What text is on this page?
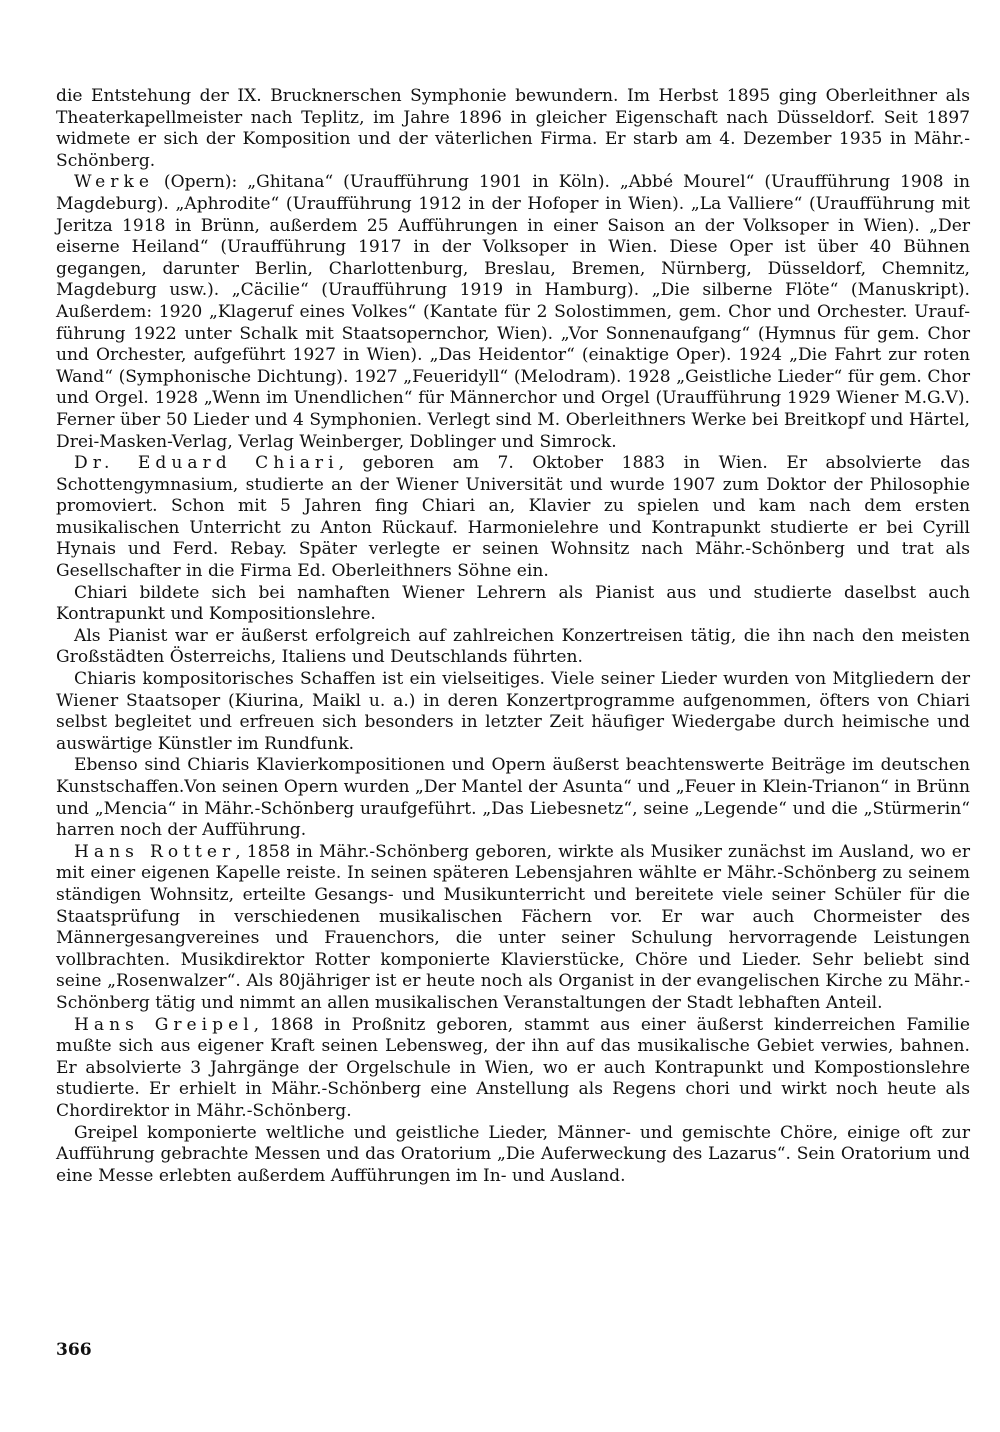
die Entstehung der IX. Brucknerschen Symphonie bewundern. Im Herbst 1895 ging Oberleithner als Theaterkapellmeister nach Teplitz, im Jahre 1896 in gleicher Eigenschaft nach Düsseldorf. Seit 1897 widmete er sich der Komposition und der väterlichen Firma. Er starb am 4. Dezember 1935 in Mähr.-Schönberg.

Werke (Opern): „Ghitana“ (Uraufführung 1901 in Köln). „Abbé Mourel“ (Uraufführung 1908 in Magdeburg). „Aphrodite“ (Uraufführung 1912 in der Hofoper in Wien). „La Valliere“ (Uraufführung mit Jeritza 1918 in Brünn, außerdem 25 Aufführungen in einer Saison an der Volksoper in Wien). „Der eiserne Heiland“ (Uraufführung 1917 in der Volksoper in Wien. Diese Oper ist über 40 Bühnen gegangen, darunter Berlin, Charlottenburg, Breslau, Bremen, Nürnberg, Düsseldorf, Chemnitz, Magdeburg usw.). „Cäcilie“ (Uraufführung 1919 in Hamburg). „Die silberne Flöte“ (Manuskript). Außerdem: 1920 „Klageruf eines Volkes“ (Kantate für 2 Solostimmen, gem. Chor und Orchester. Uraufführung 1922 unter Schalk mit Staatsopernchor, Wien). „Vor Sonnenaufgang“ (Hymnus für gem. Chor und Orchester, aufgeführt 1927 in Wien). „Das Heidentor“ (einaktige Oper). 1924 „Die Fahrt zur roten Wand“ (Symphonische Dichtung). 1927 „Feueridyll“ (Melodram). 1928 „Geistliche Lieder“ für gem. Chor und Orgel. 1928 „Wenn im Unendlichen“ für Männerchor und Orgel (Uraufführung 1929 Wiener M.G.V). Ferner über 50 Lieder und 4 Symphonien. Verlegt sind M. Oberleithners Werke bei Breitkopf und Härtel, Drei-Masken-Verlag, Verlag Weinberger, Doblinger und Simrock.

Dr. Eduard Chiari, geboren am 7. Oktober 1883 in Wien. Er absolvierte das Schottengymnasium, studierte an der Wiener Universität und wurde 1907 zum Doktor der Philosophie promoviert. Schon mit 5 Jahren fing Chiari an, Klavier zu spielen und kam nach dem ersten musikalischen Unterricht zu Anton Rückauf. Harmonielehre und Kontrapunkt studierte er bei Cyrill Hynais und Ferd. Rebay. Später verlegte er seinen Wohnsitz nach Mähr.-Schönberg und trat als Gesellschafter in die Firma Ed. Oberleithners Söhne ein.

Chiari bildete sich bei namhaften Wiener Lehrern als Pianist aus und studierte daselbst auch Kontrapunkt und Kompositionslehre.

Als Pianist war er äußerst erfolgreich auf zahlreichen Konzertreisen tätig, die ihn nach den meisten Großstädten Österreichs, Italiens und Deutschlands führten.

Chiaris kompositorisches Schaffen ist ein vielseitiges. Viele seiner Lieder wurden von Mitgliedern der Wiener Staatsoper (Kiurina, Maikl u. a.) in deren Konzertprogramme aufgenommen, öfters von Chiari selbst begleitet und erfreuen sich besonders in letzter Zeit häufiger Wiedergabe durch heimische und auswärtige Künstler im Rundfunk.

Ebenso sind Chiaris Klavierkompositionen und Opern äußerst beachtenswerte Beiträge im deutschen Kunstschaffen.Von seinen Opern wurden „Der Mantel der Asunta“ und „Feuer in Klein-Trianon“ in Brünn und „Mencia“ in Mähr.-Schönberg uraufgeführt. „Das Liebesnetz“, seine „Legende“ und die „Stürmerin“ harren noch der Aufführung.

Hans Rotter, 1858 in Mähr.-Schönberg geboren, wirkte als Musiker zunächst im Ausland, wo er mit einer eigenen Kapelle reiste. In seinen späteren Lebensjahren wählte er Mähr.-Schönberg zu seinem ständigen Wohnsitz, erteilte Gesangs- und Musikunterricht und bereitete viele seiner Schüler für die Staatsprüfung in verschiedenen musikalischen Fächern vor. Er war auch Chormeister des Männergesangvereines und Frauenchors, die unter seiner Schulung hervorragende Leistungen vollbrachten. Musikdirektor Rotter komponierte Klavierstücke, Chöre und Lieder. Sehr beliebt sind seine „Rosenwalzer“. Als 80jähriger ist er heute noch als Organist in der evangelischen Kirche zu Mähr.-Schönberg tätig und nimmt an allen musikalischen Veranstaltungen der Stadt lebhaften Anteil.

Hans Greipel, 1868 in Proßnitz geboren, stammt aus einer äußerst kinderreichen Familie mußte sich aus eigener Kraft seinen Lebensweg, der ihn auf das musikalische Gebiet verwies, bahnen. Er absolvierte 3 Jahrgänge der Orgelschule in Wien, wo er auch Kontrapunkt und Kompostionslehre studierte. Er erhielt in Mähr.-Schönberg eine Anstellung als Regens chori und wirkt noch heute als Chordirektor in Mähr.-Schönberg.

Greipel komponierte weltliche und geistliche Lieder, Männer- und gemischte Chöre, einige oft zur Aufführung gebrachte Messen und das Oratorium „Die Auferweckung des Lazarus“. Sein Oratorium und eine Messe erlebten außerdem Aufführungen im In- und Ausland.

366
